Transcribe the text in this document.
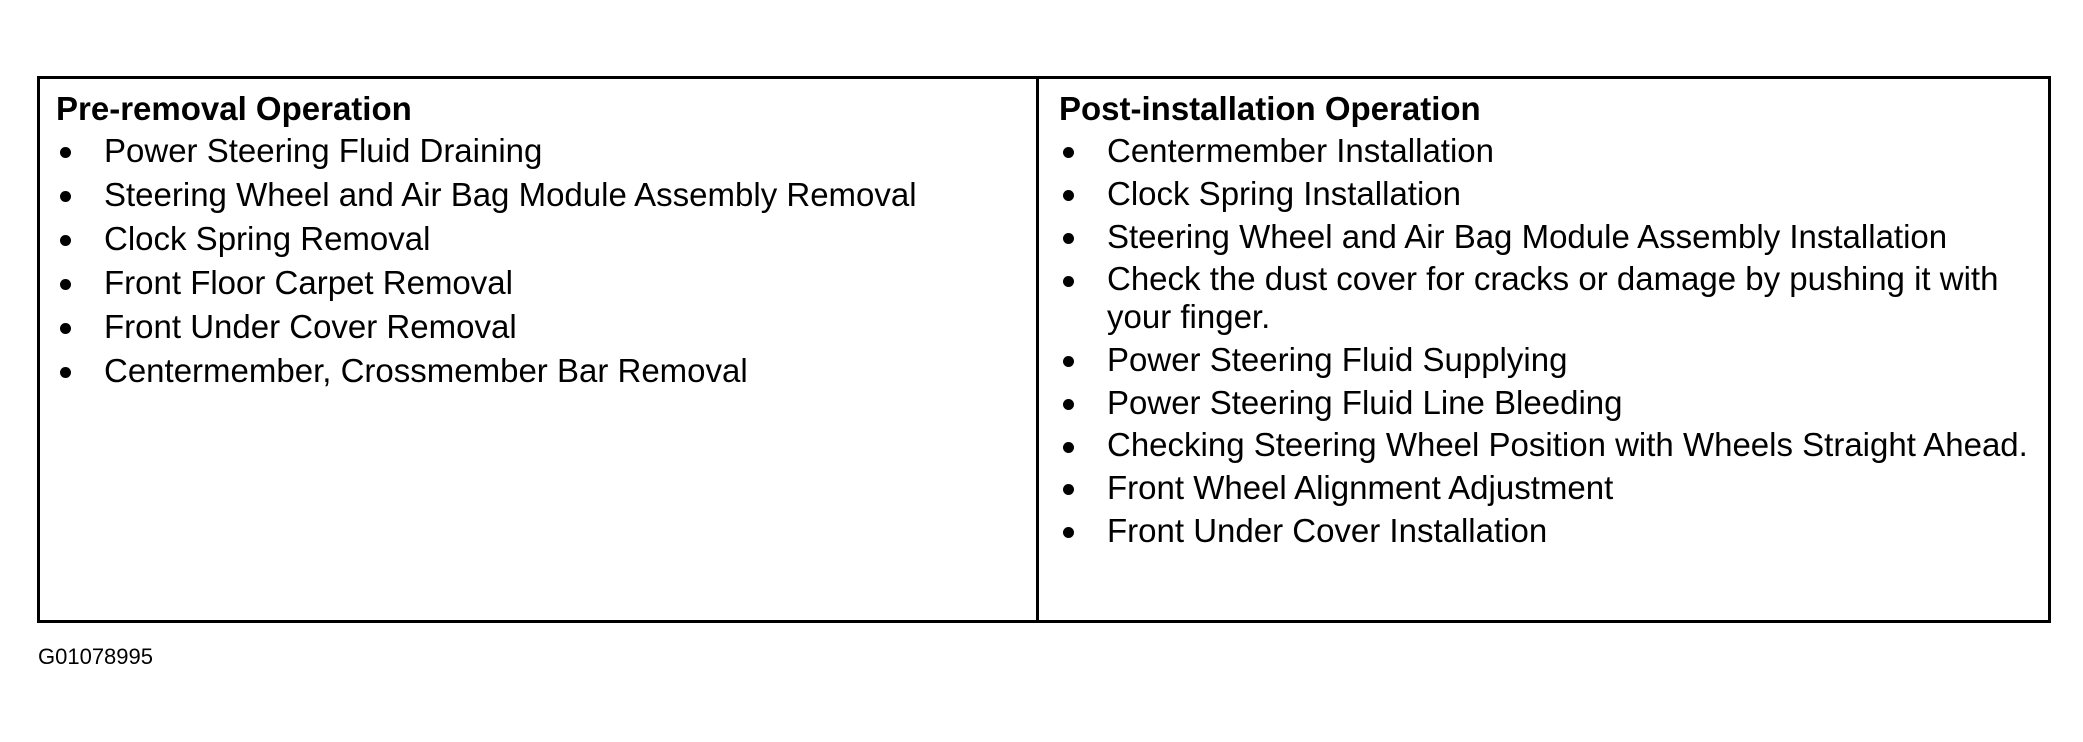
Pre-removal Operation
Power Steering Fluid Draining
Steering Wheel and Air Bag Module Assembly Removal
Clock Spring Removal
Front Floor Carpet Removal
Front Under Cover Removal
Centermember, Crossmember Bar Removal
Post-installation Operation
Centermember Installation
Clock Spring Installation
Steering Wheel and Air Bag Module Assembly Installation
Check the dust cover for cracks or damage by pushing it with your finger.
Power Steering Fluid Supplying
Power Steering Fluid Line Bleeding
Checking Steering Wheel Position with Wheels Straight Ahead.
Front Wheel Alignment Adjustment
Front Under Cover Installation
G01078995
